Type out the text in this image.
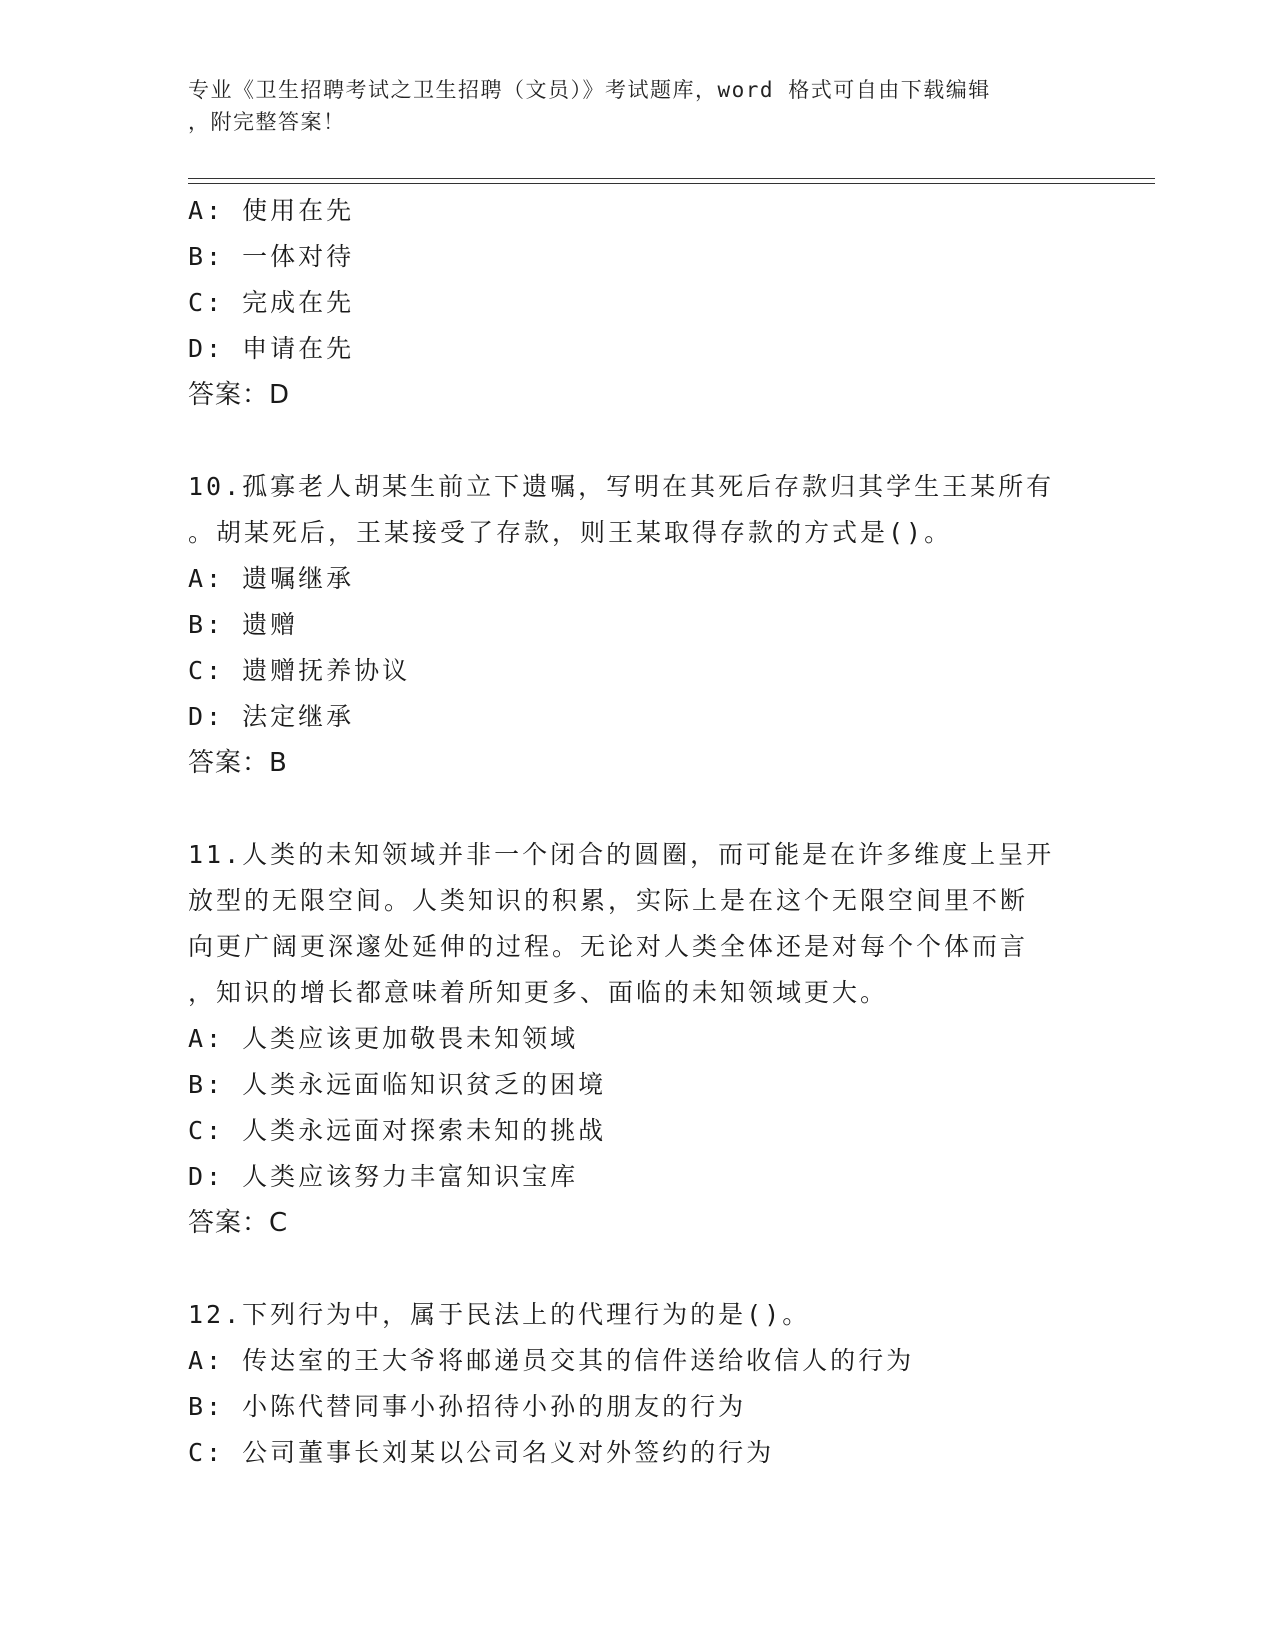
专业《卫生招聘考试之卫生招聘（文员）》考试题库，word 格式可自由下载编辑
，附完整答案！
A: 使用在先
B: 一体对待
C: 完成在先
D: 申请在先
答案：D
10.孤寡老人胡某生前立下遗嘱，写明在其死后存款归其学生王某所有
。胡某死后，王某接受了存款，则王某取得存款的方式是()。
A: 遗嘱继承
B: 遗赠
C: 遗赠抚养协议
D: 法定继承
答案：B
11.人类的未知领域并非一个闭合的圆圈，而可能是在许多维度上呈开
放型的无限空间。人类知识的积累，实际上是在这个无限空间里不断
向更广阔更深邃处延伸的过程。无论对人类全体还是对每个个体而言
，知识的增长都意味着所知更多、面临的未知领域更大。
A: 人类应该更加敬畏未知领域
B: 人类永远面临知识贫乏的困境
C: 人类永远面对探索未知的挑战
D: 人类应该努力丰富知识宝库
答案：C
12.下列行为中，属于民法上的代理行为的是()。
A: 传达室的王大爷将邮递员交其的信件送给收信人的行为
B: 小陈代替同事小孙招待小孙的朋友的行为
C: 公司董事长刘某以公司名义对外签约的行为
